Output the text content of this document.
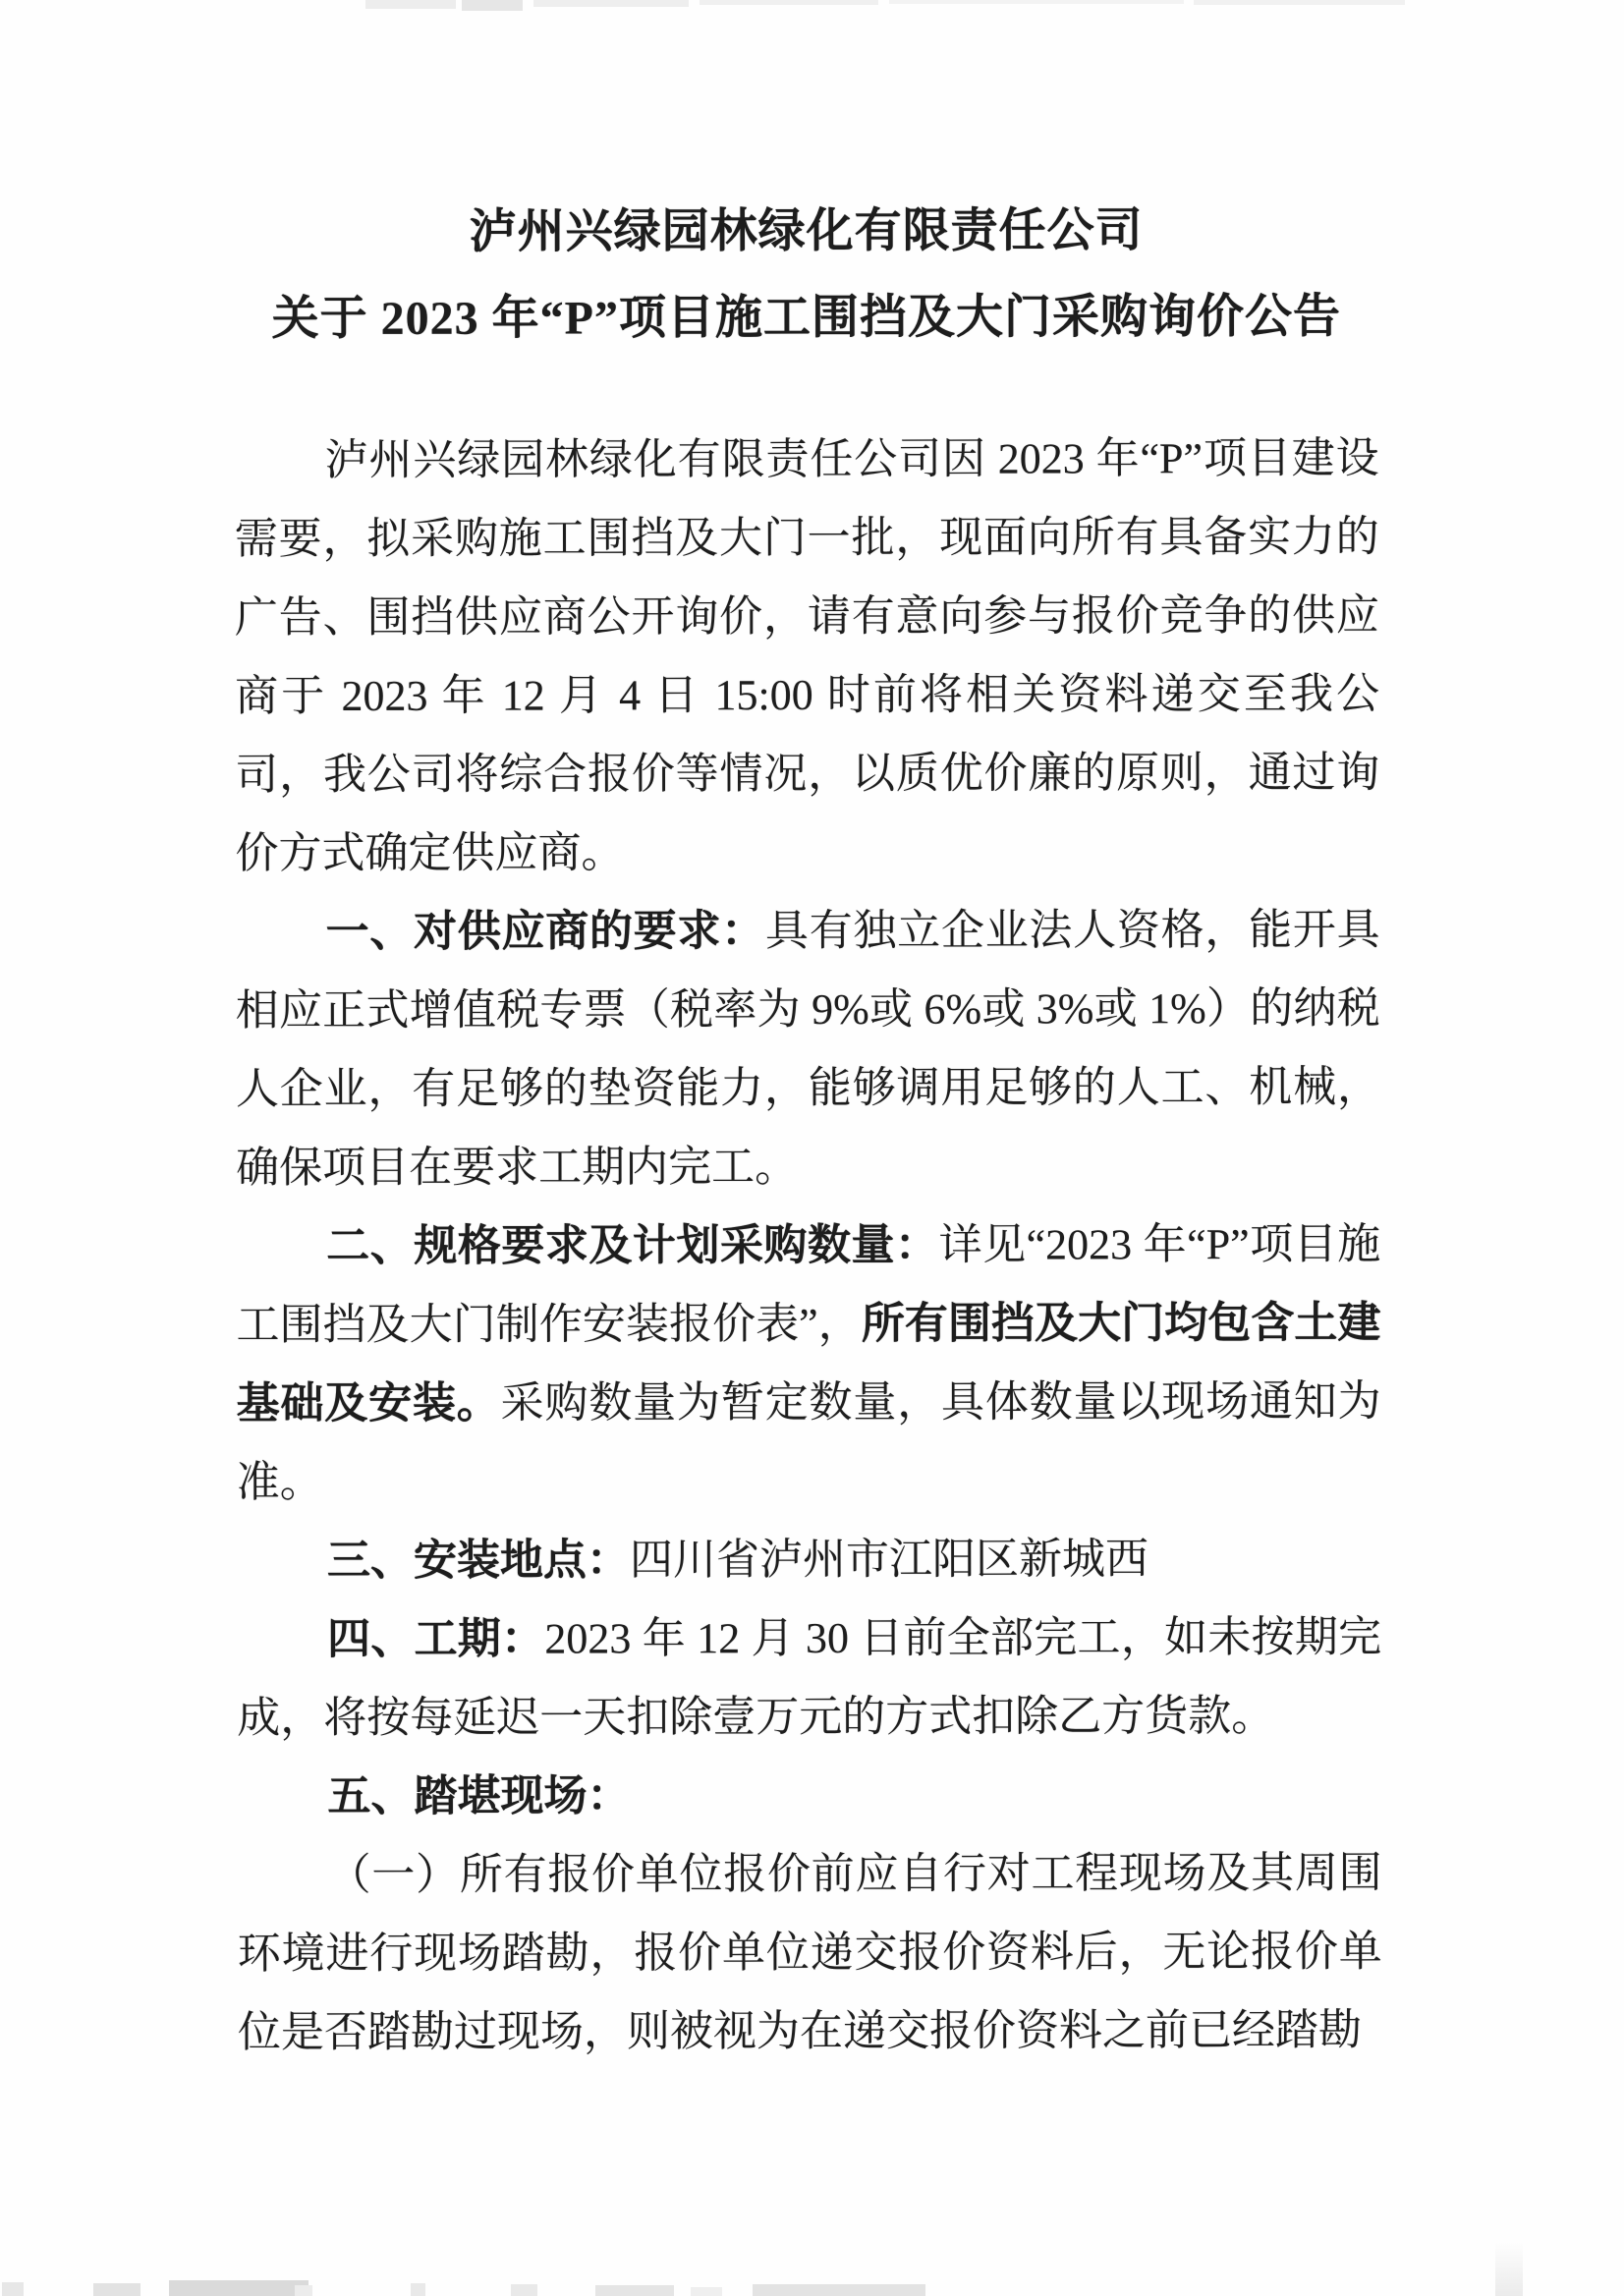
泸州兴绿园林绿化有限责任公司
关于 2023 年“P”项目施工围挡及大门采购询价公告

泸州兴绿园林绿化有限责任公司因 2023 年“P”项目建设需要，拟采购施工围挡及大门一批，现面向所有具备实力的广告、围挡供应商公开询价，请有意向参与报价竞争的供应商于 2023 年 12 月 4 日 15:00 时前将相关资料递交至我公司，我公司将综合报价等情况，以质优价廉的原则，通过询价方式确定供应商。

一、对供应商的要求：具有独立企业法人资格，能开具相应正式增值税专票（税率为 9%或 6%或 3%或 1%）的纳税人企业，有足够的垫资能力，能够调用足够的人工、机械，确保项目在要求工期内完工。

二、规格要求及计划采购数量：详见“2023 年“P”项目施工围挡及大门制作安装报价表”，所有围挡及大门均包含土建基础及安装。采购数量为暂定数量，具体数量以现场通知为准。

三、安装地点：四川省泸州市江阳区新城西

四、工期：2023 年 12 月 30 日前全部完工，如未按期完成，将按每延迟一天扣除壹万元的方式扣除乙方货款。

五、踏堪现场：

（一）所有报价单位报价前应自行对工程现场及其周围环境进行现场踏勘，报价单位递交报价资料后，无论报价单位是否踏勘过现场，则被视为在递交报价资料之前已经踏勘
